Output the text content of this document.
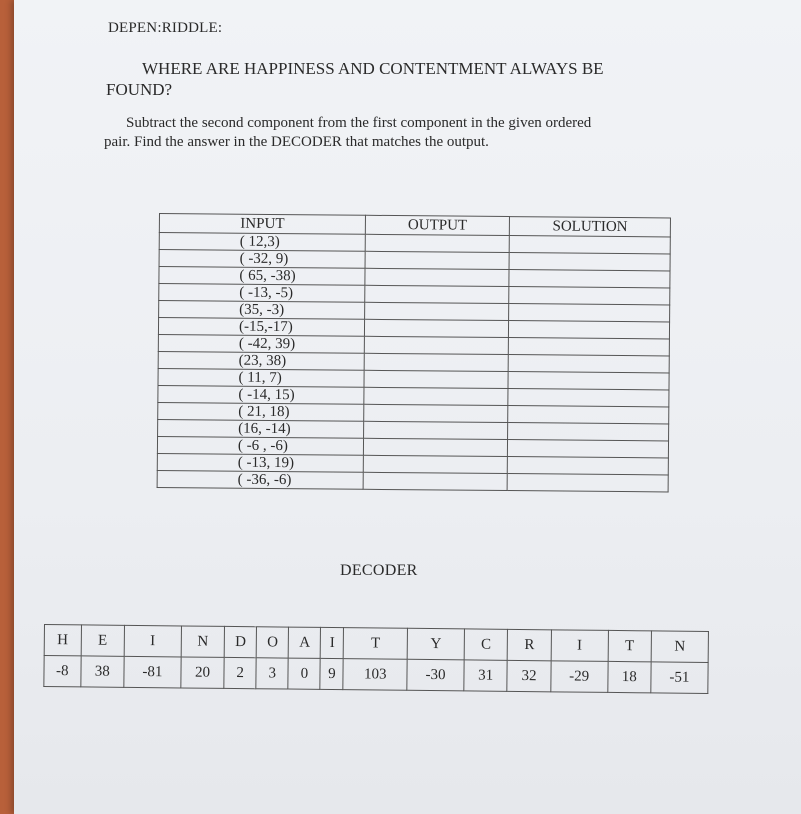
DEPEN:RIDDLE:
WHERE ARE HAPPINESS AND CONTENTMENT ALWAYS BE
FOUND?
Subtract the second component from the first component in the given ordered
pair. Find the answer in the DECODER that matches the output.
INPUT	OUTPUT	SOLUTION
( 12,3)		
( -32, 9)		
( 65, -38)		
( -13, -5)		
(35, -3)		
(-15,-17)		
( -42, 39)		
(23, 38)		
( 11, 7)		
( -14, 15)		
( 21, 18)		
(16, -14)		
( -6 , -6)		
( -13, 19)		
( -36, -6)		
DECODER
H	E	I	N	D	O	A	I	T	Y	C	R	I	T	N
-8	38	-81	20	2	3	0	9	103	-30	31	32	-29	18	-51
